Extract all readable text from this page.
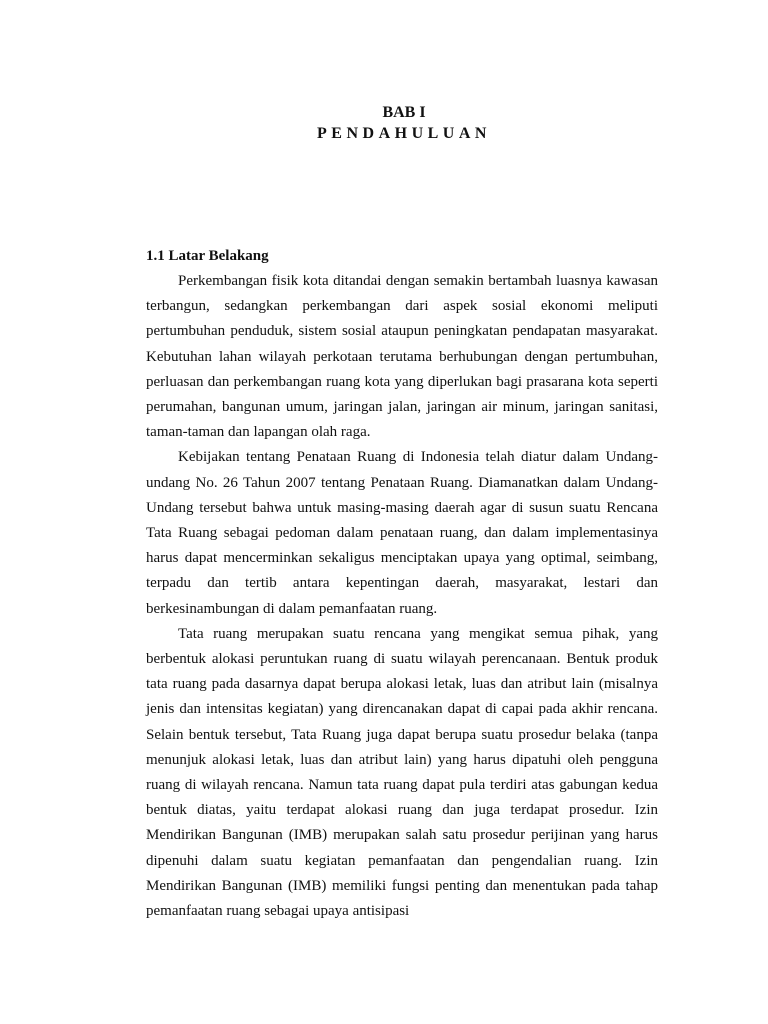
BAB I

PENDAHULUAN

1.1 Latar Belakang

Perkembangan fisik kota ditandai dengan semakin bertambah luasnya kawasan terbangun, sedangkan perkembangan dari aspek sosial ekonomi meliputi pertumbuhan penduduk, sistem sosial ataupun peningkatan pendapatan masyarakat. Kebutuhan lahan wilayah perkotaan terutama berhubungan dengan pertumbuhan, perluasan dan perkembangan ruang kota yang diperlukan bagi prasarana kota seperti perumahan, bangunan umum, jaringan jalan, jaringan air minum, jaringan sanitasi, taman-taman dan lapangan olah raga.

Kebijakan tentang Penataan Ruang di Indonesia telah diatur dalam Undang-undang No. 26 Tahun 2007 tentang Penataan Ruang. Diamanatkan dalam Undang-Undang tersebut bahwa untuk masing-masing daerah agar di susun suatu Rencana Tata Ruang sebagai pedoman dalam penataan ruang, dan dalam implementasinya harus dapat mencerminkan sekaligus menciptakan upaya yang optimal, seimbang, terpadu dan tertib antara kepentingan daerah, masyarakat, lestari dan berkesinambungan di dalam pemanfaatan ruang.

Tata ruang merupakan suatu rencana yang mengikat semua pihak, yang berbentuk alokasi peruntukan ruang di suatu wilayah perencanaan. Bentuk produk tata ruang pada dasarnya dapat berupa alokasi letak, luas dan atribut lain (misalnya jenis dan intensitas kegiatan) yang direncanakan dapat di capai pada akhir rencana. Selain bentuk tersebut, Tata Ruang juga dapat berupa suatu prosedur belaka (tanpa menunjuk alokasi letak, luas dan atribut lain) yang harus dipatuhi oleh pengguna ruang di wilayah rencana. Namun tata ruang dapat pula terdiri atas gabungan kedua bentuk diatas, yaitu terdapat alokasi ruang dan juga terdapat prosedur. Izin Mendirikan Bangunan (IMB) merupakan salah satu prosedur perijinan yang harus dipenuhi dalam suatu kegiatan pemanfaatan dan pengendalian ruang. Izin Mendirikan Bangunan (IMB) memiliki fungsi penting dan menentukan pada tahap pemanfaatan ruang sebagai upaya antisipasi
